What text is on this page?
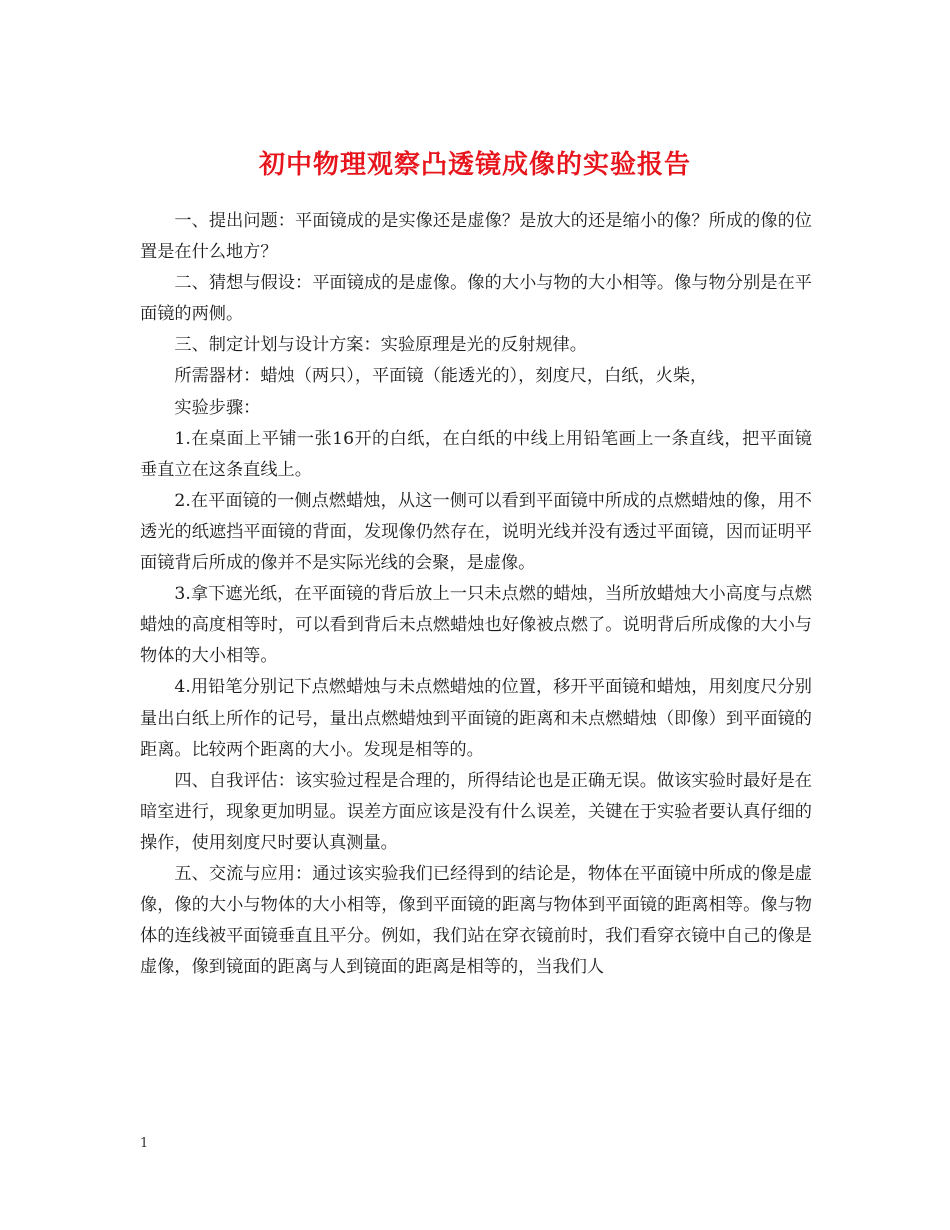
初中物理观察凸透镜成像的实验报告

一、提出问题：平面镜成的是实像还是虚像？是放大的还是缩小的像？所成的像的位置是在什么地方？

二、猜想与假设：平面镜成的是虚像。像的大小与物的大小相等。像与物分别是在平面镜的两侧。

三、制定计划与设计方案：实验原理是光的反射规律。

所需器材：蜡烛（两只），平面镜（能透光的），刻度尺，白纸，火柴，

实验步骤：

1.在桌面上平铺一张16开的白纸，在白纸的中线上用铅笔画上一条直线，把平面镜垂直立在这条直线上。

2.在平面镜的一侧点燃蜡烛，从这一侧可以看到平面镜中所成的点燃蜡烛的像，用不透光的纸遮挡平面镜的背面，发现像仍然存在，说明光线并没有透过平面镜，因而证明平面镜背后所成的像并不是实际光线的会聚，是虚像。

3.拿下遮光纸，在平面镜的背后放上一只未点燃的蜡烛，当所放蜡烛大小高度与点燃蜡烛的高度相等时，可以看到背后未点燃蜡烛也好像被点燃了。说明背后所成像的大小与物体的大小相等。

4.用铅笔分别记下点燃蜡烛与未点燃蜡烛的位置，移开平面镜和蜡烛，用刻度尺分别量出白纸上所作的记号，量出点燃蜡烛到平面镜的距离和未点燃蜡烛（即像）到平面镜的距离。比较两个距离的大小。发现是相等的。

四、自我评估：该实验过程是合理的，所得结论也是正确无误。做该实验时最好是在暗室进行，现象更加明显。误差方面应该是没有什么误差，关键在于实验者要认真仔细的操作，使用刻度尺时要认真测量。

五、交流与应用：通过该实验我们已经得到的结论是，物体在平面镜中所成的像是虚像，像的大小与物体的大小相等，像到平面镜的距离与物体到平面镜的距离相等。像与物体的连线被平面镜垂直且平分。例如，我们站在穿衣镜前时，我们看穿衣镜中自己的像是虚像，像到镜面的距离与人到镜面的距离是相等的，当我们人

1
